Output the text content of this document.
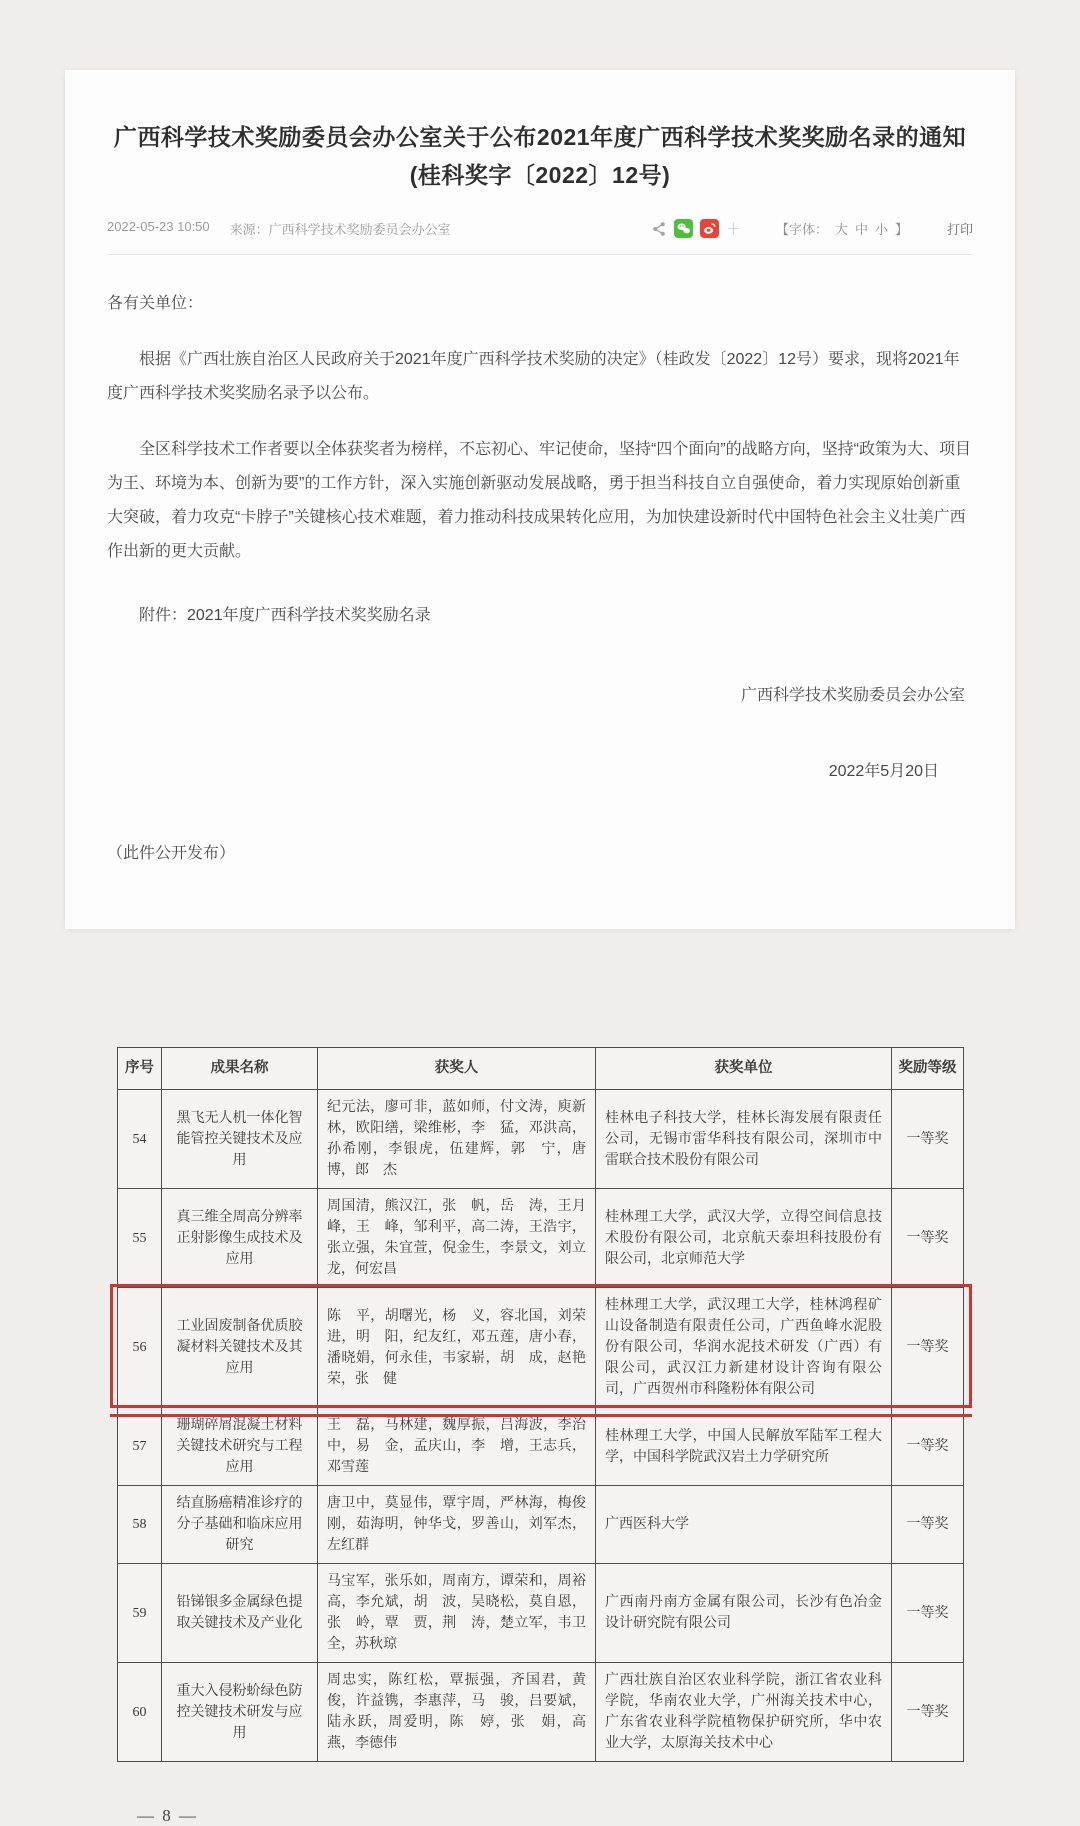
广西科学技术奖励委员会办公室关于公布2021年度广西科学技术奖奖励名录的通知
(桂科奖字〔2022〕12号)
2022-05-23 10:50 来源：广西科学技术奖励委员会办公室	＋	【字体： 大 中 小 】	打印
各有关单位：

根据《广西壮族自治区人民政府关于2021年度广西科学技术奖励的决定》（桂政发〔2022〕12号）要求，现将2021年度广西科学技术奖奖励名录予以公布。

全区科学技术工作者要以全体获奖者为榜样，不忘初心、牢记使命，坚持“四个面向”的战略方向，坚持“政策为大、项目为王、环境为本、创新为要”的工作方针，深入实施创新驱动发展战略，勇于担当科技自立自强使命，着力实现原始创新重大突破，着力攻克“卡脖子”关键核心技术难题，着力推动科技成果转化应用，为加快建设新时代中国特色社会主义壮美广西作出新的更大贡献。

附件：2021年度广西科学技术奖奖励名录
广西科学技术奖励委员会办公室
2022年5月20日
（此件公开发布）
序号	成果名称	获奖人	获奖单位	奖励等级
54	黑飞无人机一体化智能管控关键技术及应用	纪元法，廖可非，蓝如师，付文涛，庾新林，欧阳缮，梁维彬，李　猛，邓洪高，孙希刚，李银虎，伍建辉，郭　宁，唐　博，郎　杰	桂林电子科技大学，桂林长海发展有限责任公司，无锡市雷华科技有限公司，深圳市中雷联合技术股份有限公司	一等奖
55	真三维全周高分辨率正射影像生成技术及应用	周国清，熊汉江，张　帆，岳　涛，王月峰，王　峰，邹利平，高二涛，王浩宇，张立强，朱宜萱，倪金生，李景文，刘立龙，何宏昌	桂林理工大学，武汉大学，立得空间信息技术股份有限公司，北京航天泰坦科技股份有限公司，北京师范大学	一等奖
56	工业固废制备优质胶凝材料关键技术及其应用	陈　平，胡曙光，杨　义，容北国，刘荣进，明　阳，纪友红，邓五莲，唐小春，潘晓娟，何永佳，韦家崭，胡　成，赵艳荣，张　健	桂林理工大学，武汉理工大学，桂林鸿程矿山设备制造有限责任公司，广西鱼峰水泥股份有限公司，华润水泥技术研发（广西）有限公司，武汉江力新建材设计咨询有限公司，广西贺州市科隆粉体有限公司	一等奖
57	珊瑚碎屑混凝土材料关键技术研究与工程应用	王　磊，马林建，魏厚振，吕海波，李治中，易　金，孟庆山，李　增，王志兵，邓雪莲	桂林理工大学，中国人民解放军陆军工程大学，中国科学院武汉岩土力学研究所	一等奖
58	结直肠癌精准诊疗的分子基础和临床应用研究	唐卫中，莫显伟，覃宇周，严林海，梅俊刚，茹海明，钟华戈，罗善山，刘军杰，左红群	广西医科大学	一等奖
59	铅锑银多金属绿色提取关键技术及产业化	马宝军，张乐如，周南方，谭荣和，周裕高，李允斌，胡　波，吴晓松，莫自恩，张　岭，覃　贾，荆　涛，楚立军，韦卫全，苏秋琼	广西南丹南方金属有限公司，长沙有色冶金设计研究院有限公司	一等奖
60	重大入侵粉蚧绿色防控关键技术研发与应用	周忠实，陈红松，覃振强，齐国君，黄　俊，许益镌，李惠萍，马　骏，吕要斌，陆永跃，周爱明，陈　婷，张　娟，高　燕，李德伟	广西壮族自治区农业科学院，浙江省农业科学院，华南农业大学，广州海关技术中心，广东省农业科学院植物保护研究所，华中农业大学，太原海关技术中心	一等奖
— 8 —
